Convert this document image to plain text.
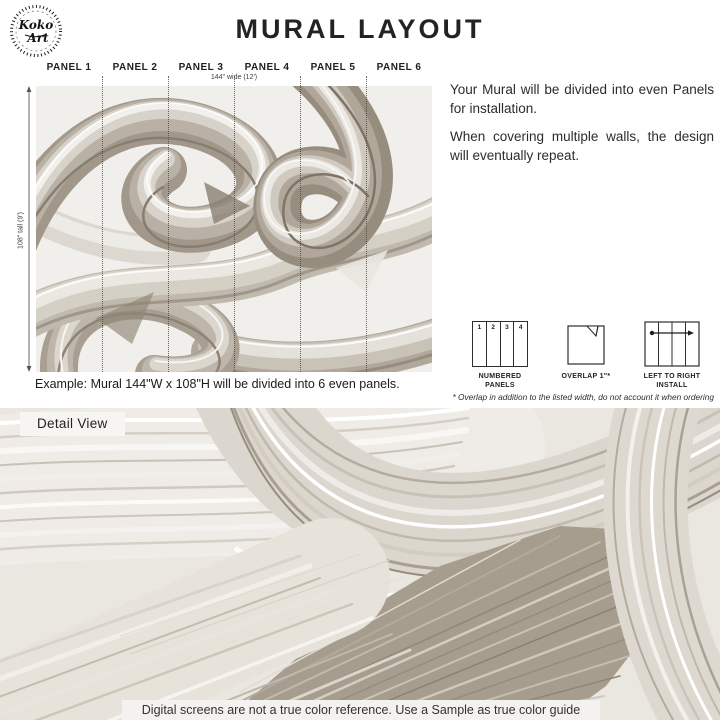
Koko
Art	MURAL LAYOUT
PANEL 1	PANEL 2	PANEL 3	PANEL 4	PANEL 5	PANEL 6
144" wide (12')
108" tall (9')
Example: Mural 144"W x 108"H will be divided into 6 even panels.

Your Mural will be divided into even Panels for installation.

When covering multiple walls, the design will eventually repeat.

1	2	3	4
NUMBERED PANELS
OVERLAP 1"*	LEFT TO RIGHT INSTALL
* Overlap in addition to the listed width, do not account it when ordering
Detail View
Digital screens are not a true color reference. Use a Sample as true color guide
